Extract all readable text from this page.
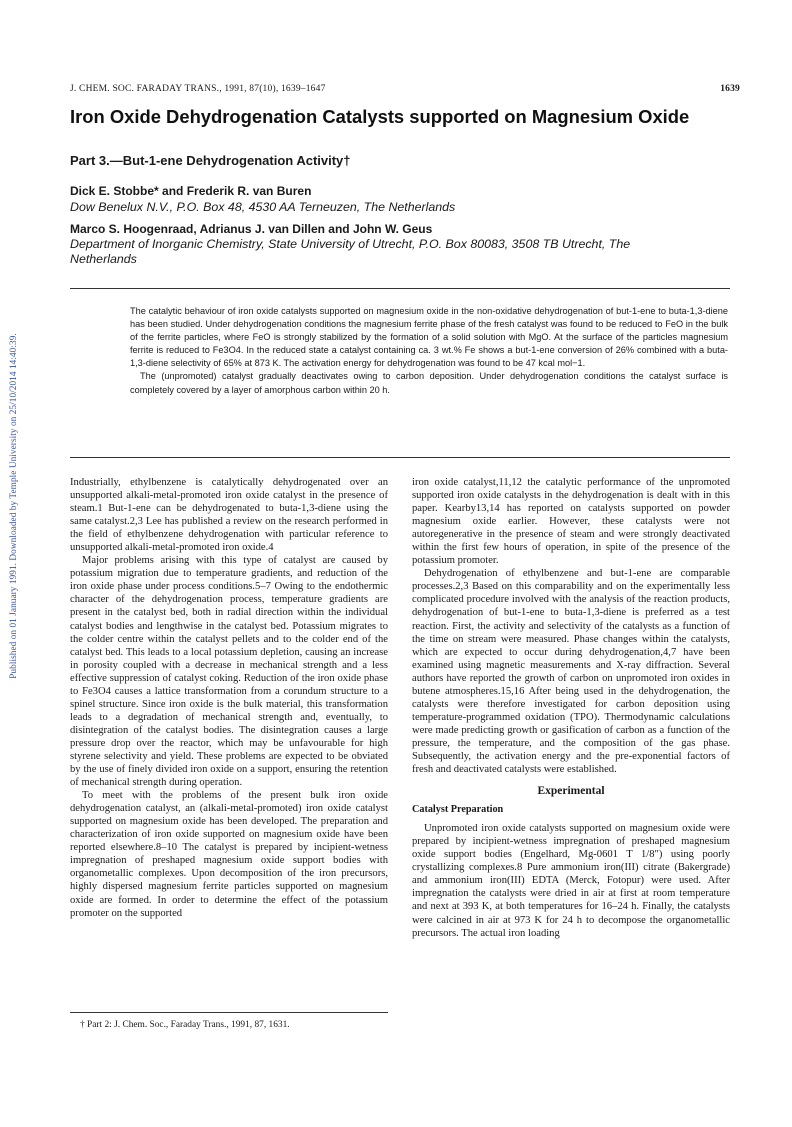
Published on 01 January 1991. Downloaded by Temple University on 25/10/2014 14:40:39.
J. CHEM. SOC. FARADAY TRANS., 1991, 87(10), 1639–1647	1639
Iron Oxide Dehydrogenation Catalysts supported on Magnesium Oxide
Part 3.—But-1-ene Dehydrogenation Activity†
Dick E. Stobbe* and Frederik R. van Buren
Dow Benelux N.V., P.O. Box 48, 4530 AA Terneuzen, The Netherlands
Marco S. Hoogenraad, Adrianus J. van Dillen and John W. Geus
Department of Inorganic Chemistry, State University of Utrecht, P.O. Box 80083, 3508 TB Utrecht, The Netherlands

The catalytic behaviour of iron oxide catalysts supported on magnesium oxide in the non-oxidative dehydrogenation of but-1-ene to buta-1,3-diene has been studied. Under dehydrogenation conditions the magnesium ferrite phase of the fresh catalyst was found to be reduced to FeO in the bulk of the ferrite particles, where FeO is strongly stabilized by the formation of a solid solution with MgO. At the surface of the particles magnesium ferrite is reduced to Fe3O4. In the reduced state a catalyst containing ca. 3 wt.% Fe shows a but-1-ene conversion of 26% combined with a buta-1,3-diene selectivity of 65% at 873 K. The activation energy for dehydrogenation was found to be 47 kcal mol−1.

The (unpromoted) catalyst gradually deactivates owing to carbon deposition. Under dehydrogenation conditions the catalyst surface is completely covered by a layer of amorphous carbon within 20 h.

Industrially, ethylbenzene is catalytically dehydrogenated over an unsupported alkali-metal-promoted iron oxide catalyst in the presence of steam.1 But-1-ene can be dehydrogenated to buta-1,3-diene using the same catalyst.2,3 Lee has published a review on the research performed in the field of ethylbenzene dehydrogenation with particular reference to unsupported alkali-metal-promoted iron oxide.4

Major problems arising with this type of catalyst are caused by potassium migration due to temperature gradients, and reduction of the iron oxide phase under process conditions.5–7 Owing to the endothermic character of the dehydrogenation process, temperature gradients are present in the catalyst bed, both in radial direction within the individual catalyst bodies and lengthwise in the catalyst bed. Potassium migrates to the colder centre within the catalyst pellets and to the colder end of the catalyst bed. This leads to a local potassium depletion, causing an increase in porosity coupled with a decrease in mechanical strength and a less effective suppression of catalyst coking. Reduction of the iron oxide phase to Fe3O4 causes a lattice transformation from a corundum structure to a spinel structure. Since iron oxide is the bulk material, this transformation leads to a degradation of mechanical strength and, eventually, to disintegration of the catalyst bodies. The disintegration causes a large pressure drop over the reactor, which may be unfavourable for high styrene selectivity and yield. These problems are expected to be obviated by the use of finely divided iron oxide on a support, ensuring the retention of mechanical strength during operation.

To meet with the problems of the present bulk iron oxide dehydrogenation catalyst, an (alkali-metal-promoted) iron oxide catalyst supported on magnesium oxide has been developed. The preparation and characterization of iron oxide supported on magnesium oxide have been reported elsewhere.8–10 The catalyst is prepared by incipient-wetness impregnation of preshaped magnesium oxide support bodies with organometallic complexes. Upon decomposition of the iron precursors, highly dispersed magnesium ferrite particles supported on magnesium oxide are formed. In order to determine the effect of the potassium promoter on the supported

iron oxide catalyst,11,12 the catalytic performance of the unpromoted supported iron oxide catalysts in the dehydrogenation is dealt with in this paper. Kearby13,14 has reported on catalysts supported on powder magnesium oxide earlier. However, these catalysts were not autoregenerative in the presence of steam and were strongly deactivated within the first few hours of operation, in spite of the presence of the potassium promoter.

Dehydrogenation of ethylbenzene and but-1-ene are comparable processes.2,3 Based on this comparability and on the experimentally less complicated procedure involved with the analysis of the reaction products, dehydrogenation of but-1-ene to buta-1,3-diene is preferred as a test reaction. First, the activity and selectivity of the catalysts as a function of the time on stream were measured. Phase changes within the catalysts, which are expected to occur during dehydrogenation,4,7 have been examined using magnetic measurements and X-ray diffraction. Several authors have reported the growth of carbon on unpromoted iron oxides in butene atmospheres.15,16 After being used in the dehydrogenation, the catalysts were therefore investigated for carbon deposition using temperature-programmed oxidation (TPO). Thermodynamic calculations were made predicting growth or gasification of carbon as a function of the pressure, the temperature, and the composition of the gas phase. Subsequently, the activation energy and the pre-exponential factors of fresh and deactivated catalysts were established.

Experimental

Catalyst Preparation

Unpromoted iron oxide catalysts supported on magnesium oxide were prepared by incipient-wetness impregnation of preshaped magnesium oxide support bodies (Engelhard, Mg-0601 T 1/8″) using poorly crystallizing complexes.8 Pure ammonium iron(III) citrate (Bakergrade) and ammonium iron(III) EDTA (Merck, Fotopur) were used. After impregnation the catalysts were dried in air at first at room temperature and next at 393 K, at both temperatures for 16–24 h. Finally, the catalysts were calcined in air at 973 K for 24 h to decompose the organometallic precursors. The actual iron loading

† Part 2: J. Chem. Soc., Faraday Trans., 1991, 87, 1631.
